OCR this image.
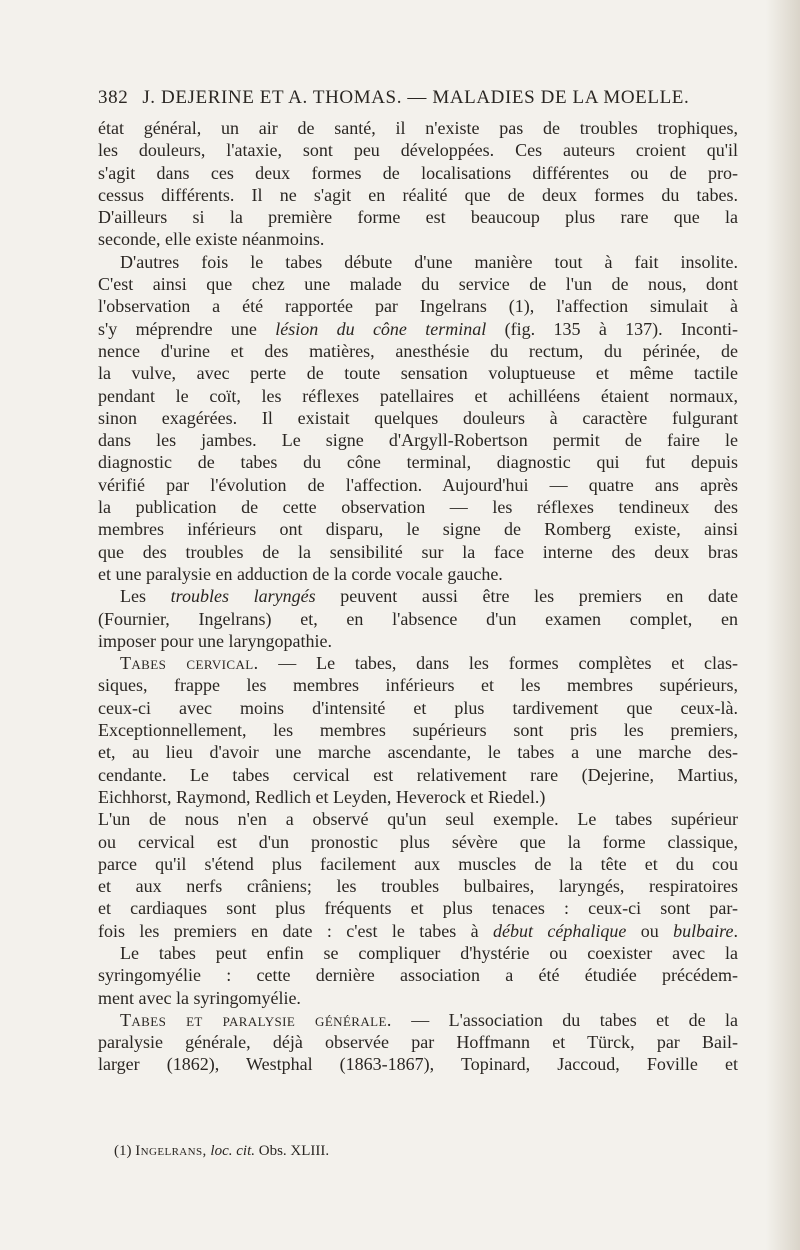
382 J. DEJERINE ET A. THOMAS. — MALADIES DE LA MOELLE.
état général, un air de santé, il n'existe pas de troubles trophiques,
les douleurs, l'ataxie, sont peu développées. Ces auteurs croient qu'il
s'agit dans ces deux formes de localisations différentes ou de pro-
cessus différents. Il ne s'agit en réalité que de deux formes du tabes.
D'ailleurs si la première forme est beaucoup plus rare que la
seconde, elle existe néanmoins.
D'autres fois le tabes débute d'une manière tout à fait insolite.
C'est ainsi que chez une malade du service de l'un de nous, dont
l'observation a été rapportée par Ingelrans (1), l'affection simulait à
s'y méprendre une lésion du cône terminal (fig. 135 à 137). Inconti-
nence d'urine et des matières, anesthésie du rectum, du périnée, de
la vulve, avec perte de toute sensation voluptueuse et même tactile
pendant le coït, les réflexes patellaires et achilléens étaient normaux,
sinon exagérées. Il existait quelques douleurs à caractère fulgurant
dans les jambes. Le signe d'Argyll-Robertson permit de faire le
diagnostic de tabes du cône terminal, diagnostic qui fut depuis
vérifié par l'évolution de l'affection. Aujourd'hui — quatre ans après
la publication de cette observation — les réflexes tendineux des
membres inférieurs ont disparu, le signe de Romberg existe, ainsi
que des troubles de la sensibilité sur la face interne des deux bras
et une paralysie en adduction de la corde vocale gauche.
Les troubles laryngés peuvent aussi être les premiers en date
(Fournier, Ingelrans) et, en l'absence d'un examen complet, en
imposer pour une laryngopathie.
Tabes cervical. — Le tabes, dans les formes complètes et clas-
siques, frappe les membres inférieurs et les membres supérieurs,
ceux-ci avec moins d'intensité et plus tardivement que ceux-là.
Exceptionnellement, les membres supérieurs sont pris les premiers,
et, au lieu d'avoir une marche ascendante, le tabes a une marche des-
cendante. Le tabes cervical est relativement rare (Dejerine, Martius,
Eichhorst, Raymond, Redlich et Leyden, Heverock et Riedel.)
L'un de nous n'en a observé qu'un seul exemple. Le tabes supérieur
ou cervical est d'un pronostic plus sévère que la forme classique,
parce qu'il s'étend plus facilement aux muscles de la tête et du cou
et aux nerfs crâniens; les troubles bulbaires, laryngés, respiratoires
et cardiaques sont plus fréquents et plus tenaces : ceux-ci sont par-
fois les premiers en date : c'est le tabes à début céphalique ou bulbaire.
Le tabes peut enfin se compliquer d'hystérie ou coexister avec la
syringomyélie : cette dernière association a été étudiée précédem-
ment avec la syringomyélie.
Tabes et paralysie générale. — L'association du tabes et de la
paralysie générale, déjà observée par Hoffmann et Türck, par Bail-
larger (1862), Westphal (1863-1867), Topinard, Jaccoud, Foville et
(1) Ingelrans, loc. cit. Obs. XLIII.
